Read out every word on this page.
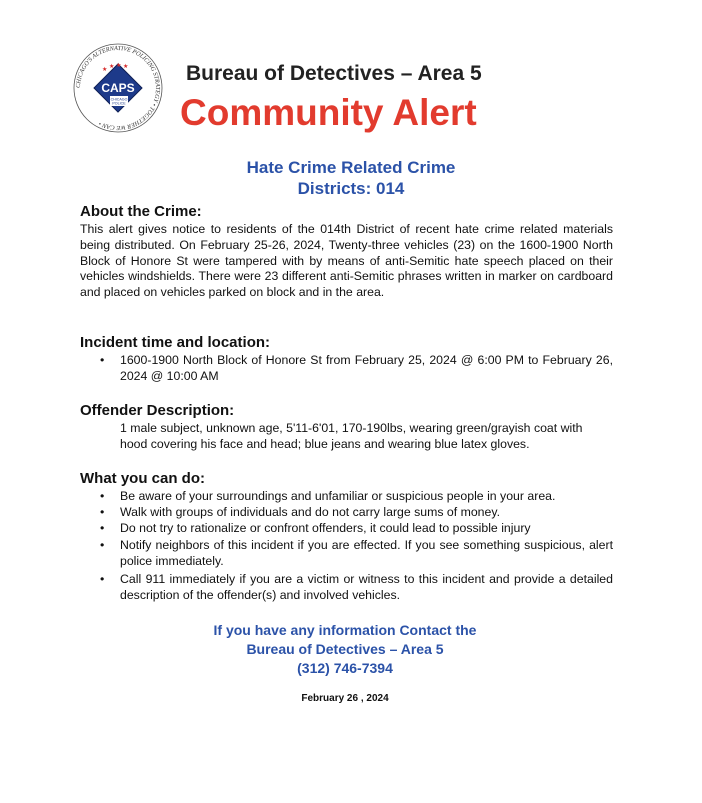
CHICAGO'S ALTERNATIVE POLICING STRATEGY • TOGETHER WE CAN •
★ ★ ★ ★
CAPS
CHICAGO
POLICE
Bureau of Detectives – Area 5
Community Alert
Hate Crime Related Crime
Districts: 014
About the Crime:
This alert gives notice to residents of the 014th District of recent hate crime related materials being distributed. On February 25-26, 2024, Twenty-three vehicles (23) on the 1600-1900 North Block of Honore St were tampered with by means of anti-Semitic hate speech placed on their vehicles windshields. There were 23 different anti-Semitic phrases written in marker on cardboard and placed on vehicles parked on block and in the area.
Incident time and location:
•	1600-1900 North Block of Honore St from February 25, 2024 @ 6:00 PM to February 26, 2024 @ 10:00 AM
Offender Description:
1 male subject, unknown age, 5'11-6'01, 170-190lbs, wearing green/grayish coat with hood covering his face and head; blue jeans and wearing blue latex gloves.
What you can do:
•	Be aware of your surroundings and unfamiliar or suspicious people in your area.
•	Walk with groups of individuals and do not carry large sums of money.
•	Do not try to rationalize or confront offenders, it could lead to possible injury
•	Notify neighbors of this incident if you are effected. If you see something suspicious, alert police immediately.
•	Call 911 immediately if you are a victim or witness to this incident and provide a detailed description of the offender(s) and involved vehicles.
If you have any information Contact the
Bureau of Detectives – Area 5
(312) 746-7394
February 26 , 2024
